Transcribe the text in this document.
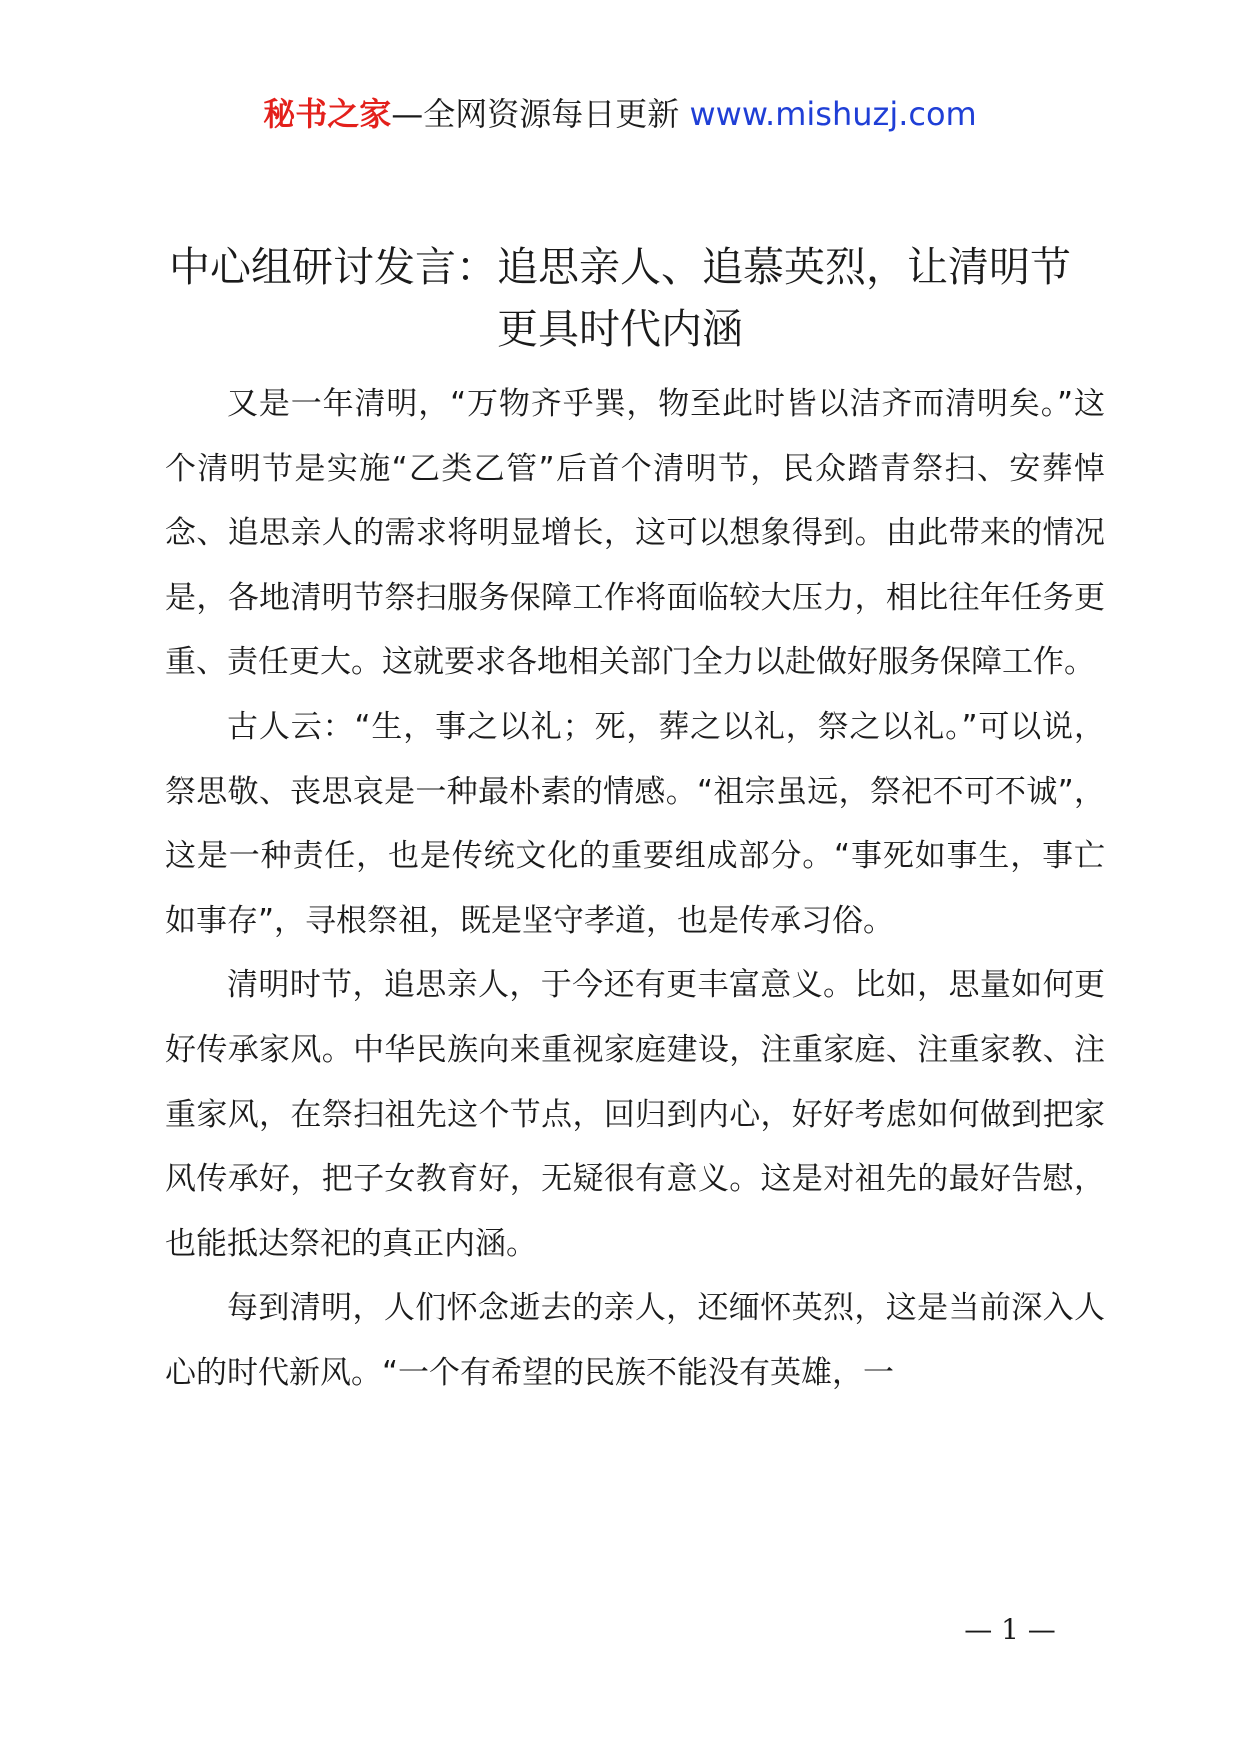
秘书之家—全网资源每日更新 www.mishuzj.com
中心组研讨发言：追思亲人、追慕英烈，让清明节更具时代内涵

又是一年清明，“万物齐乎巽，物至此时皆以洁齐而清明矣。”这个清明节是实施“乙类乙管”后首个清明节，民众踏青祭扫、安葬悼念、追思亲人的需求将明显增长，这可以想象得到。由此带来的情况是，各地清明节祭扫服务保障工作将面临较大压力，相比往年任务更重、责任更大。这就要求各地相关部门全力以赴做好服务保障工作。

古人云：“生，事之以礼；死，葬之以礼，祭之以礼。”可以说，祭思敬、丧思哀是一种最朴素的情感。“祖宗虽远，祭祀不可不诚”，这是一种责任，也是传统文化的重要组成部分。“事死如事生，事亡如事存”，寻根祭祖，既是坚守孝道，也是传承习俗。

清明时节，追思亲人，于今还有更丰富意义。比如，思量如何更好传承家风。中华民族向来重视家庭建设，注重家庭、注重家教、注重家风，在祭扫祖先这个节点，回归到内心，好好考虑如何做到把家风传承好，把子女教育好，无疑很有意义。这是对祖先的最好告慰，也能抵达祭祀的真正内涵。

每到清明，人们怀念逝去的亲人，还缅怀英烈，这是当前深入人心的时代新风。“一个有希望的民族不能没有英雄，一

— 1 —
